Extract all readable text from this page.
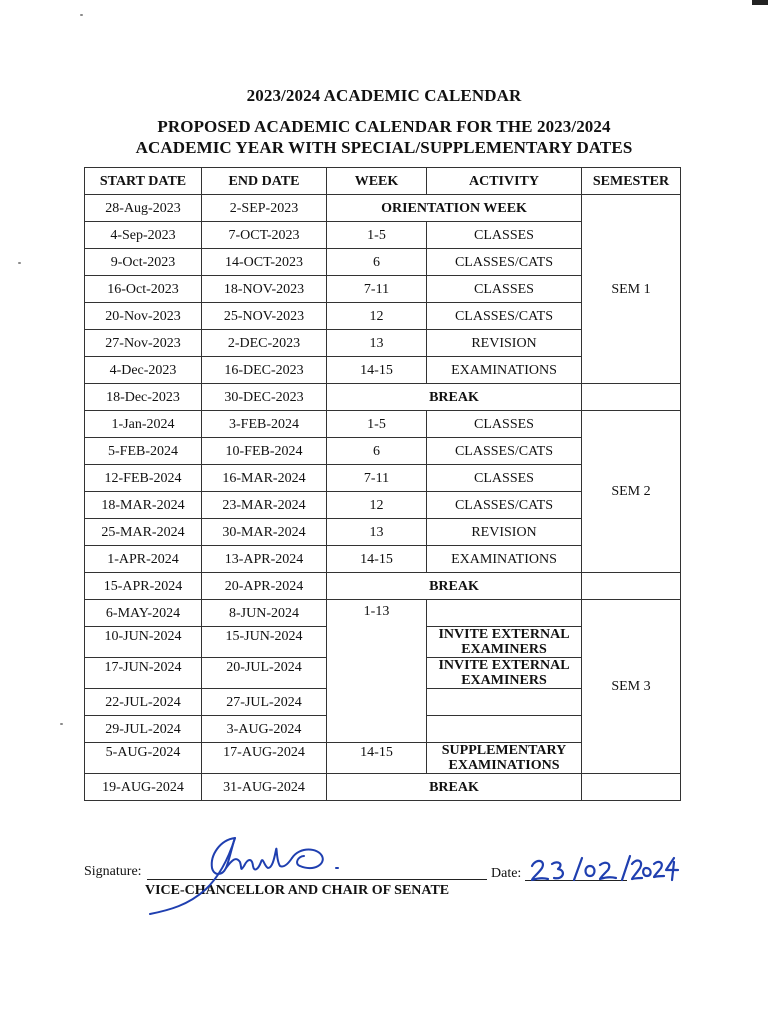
2023/2024 ACADEMIC CALENDAR
PROPOSED ACADEMIC CALENDAR FOR THE 2023/2024
ACADEMIC YEAR WITH SPECIAL/SUPPLEMENTARY DATES
START DATE	END DATE	WEEK	ACTIVITY	SEMESTER
28-Aug-2023	2-SEP-2023	ORIENTATION WEEK		SEM 1
4-Sep-2023	7-OCT-2023	1-5	CLASSES	
9-Oct-2023	14-OCT-2023	6	CLASSES/CATS	
16-Oct-2023	18-NOV-2023	7-11	CLASSES	
20-Nov-2023	25-NOV-2023	12	CLASSES/CATS	
27-Nov-2023	2-DEC-2023	13	REVISION	
4-Dec-2023	16-DEC-2023	14-15	EXAMINATIONS	
18-Dec-2023	30-DEC-2023	BREAK		
1-Jan-2024	3-FEB-2024	1-5	CLASSES	SEM 2
5-FEB-2024	10-FEB-2024	6	CLASSES/CATS	
12-FEB-2024	16-MAR-2024	7-11	CLASSES	
18-MAR-2024	23-MAR-2024	12	CLASSES/CATS	
25-MAR-2024	30-MAR-2024	13	REVISION	
1-APR-2024	13-APR-2024	14-15	EXAMINATIONS	
15-APR-2024	20-APR-2024	BREAK		
6-MAY-2024	8-JUN-2024	1-13		SEM 3
10-JUN-2024	15-JUN-2024		INVITE EXTERNAL EXAMINERS	
17-JUN-2024	20-JUL-2024		INVITE EXTERNAL EXAMINERS	
22-JUL-2024	27-JUL-2024			
29-JUL-2024	3-AUG-2024			
5-AUG-2024	17-AUG-2024	14-15	SUPPLEMENTARY EXAMINATIONS	
19-AUG-2024	31-AUG-2024	BREAK		
Signature:	Date:
VICE-CHANCELLOR AND CHAIR OF SENATE
